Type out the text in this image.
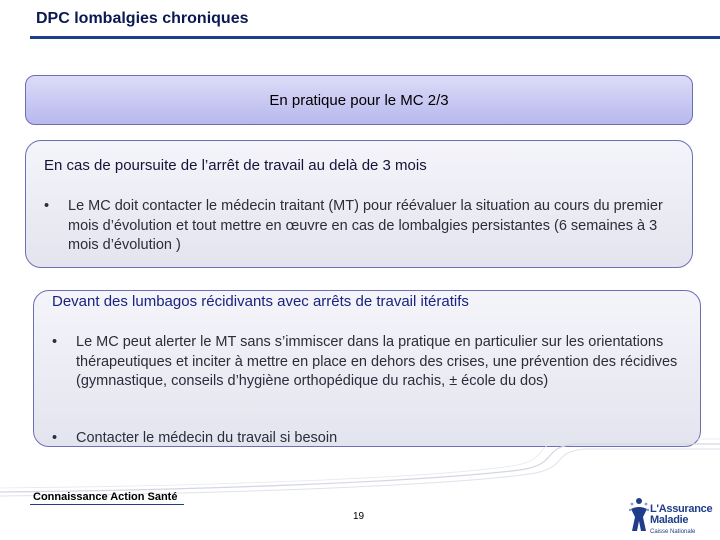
DPC lombalgies chroniques
En pratique pour le MC 2/3
En cas de poursuite de l’arrêt de travail au delà de 3 mois
•	Le MC doit contacter le médecin traitant (MT) pour réévaluer la situation au cours du premier mois d’évolution et tout mettre en œuvre en cas de lombalgies persistantes (6 semaines à 3 mois d’évolution )
Devant des lumbagos récidivants avec arrêts de travail itératifs
•	Le MC peut alerter le MT sans s’immiscer dans la pratique en particulier sur les orientations thérapeutiques et inciter à mettre en place en dehors des crises, une prévention des récidives (gymnastique, conseils d’hygiène orthopédique du rachis, ± école du dos)
•	Contacter le médecin du travail si besoin
Connaissance Action Santé
19
L'Assurance
Maladie
Caisse Nationale
